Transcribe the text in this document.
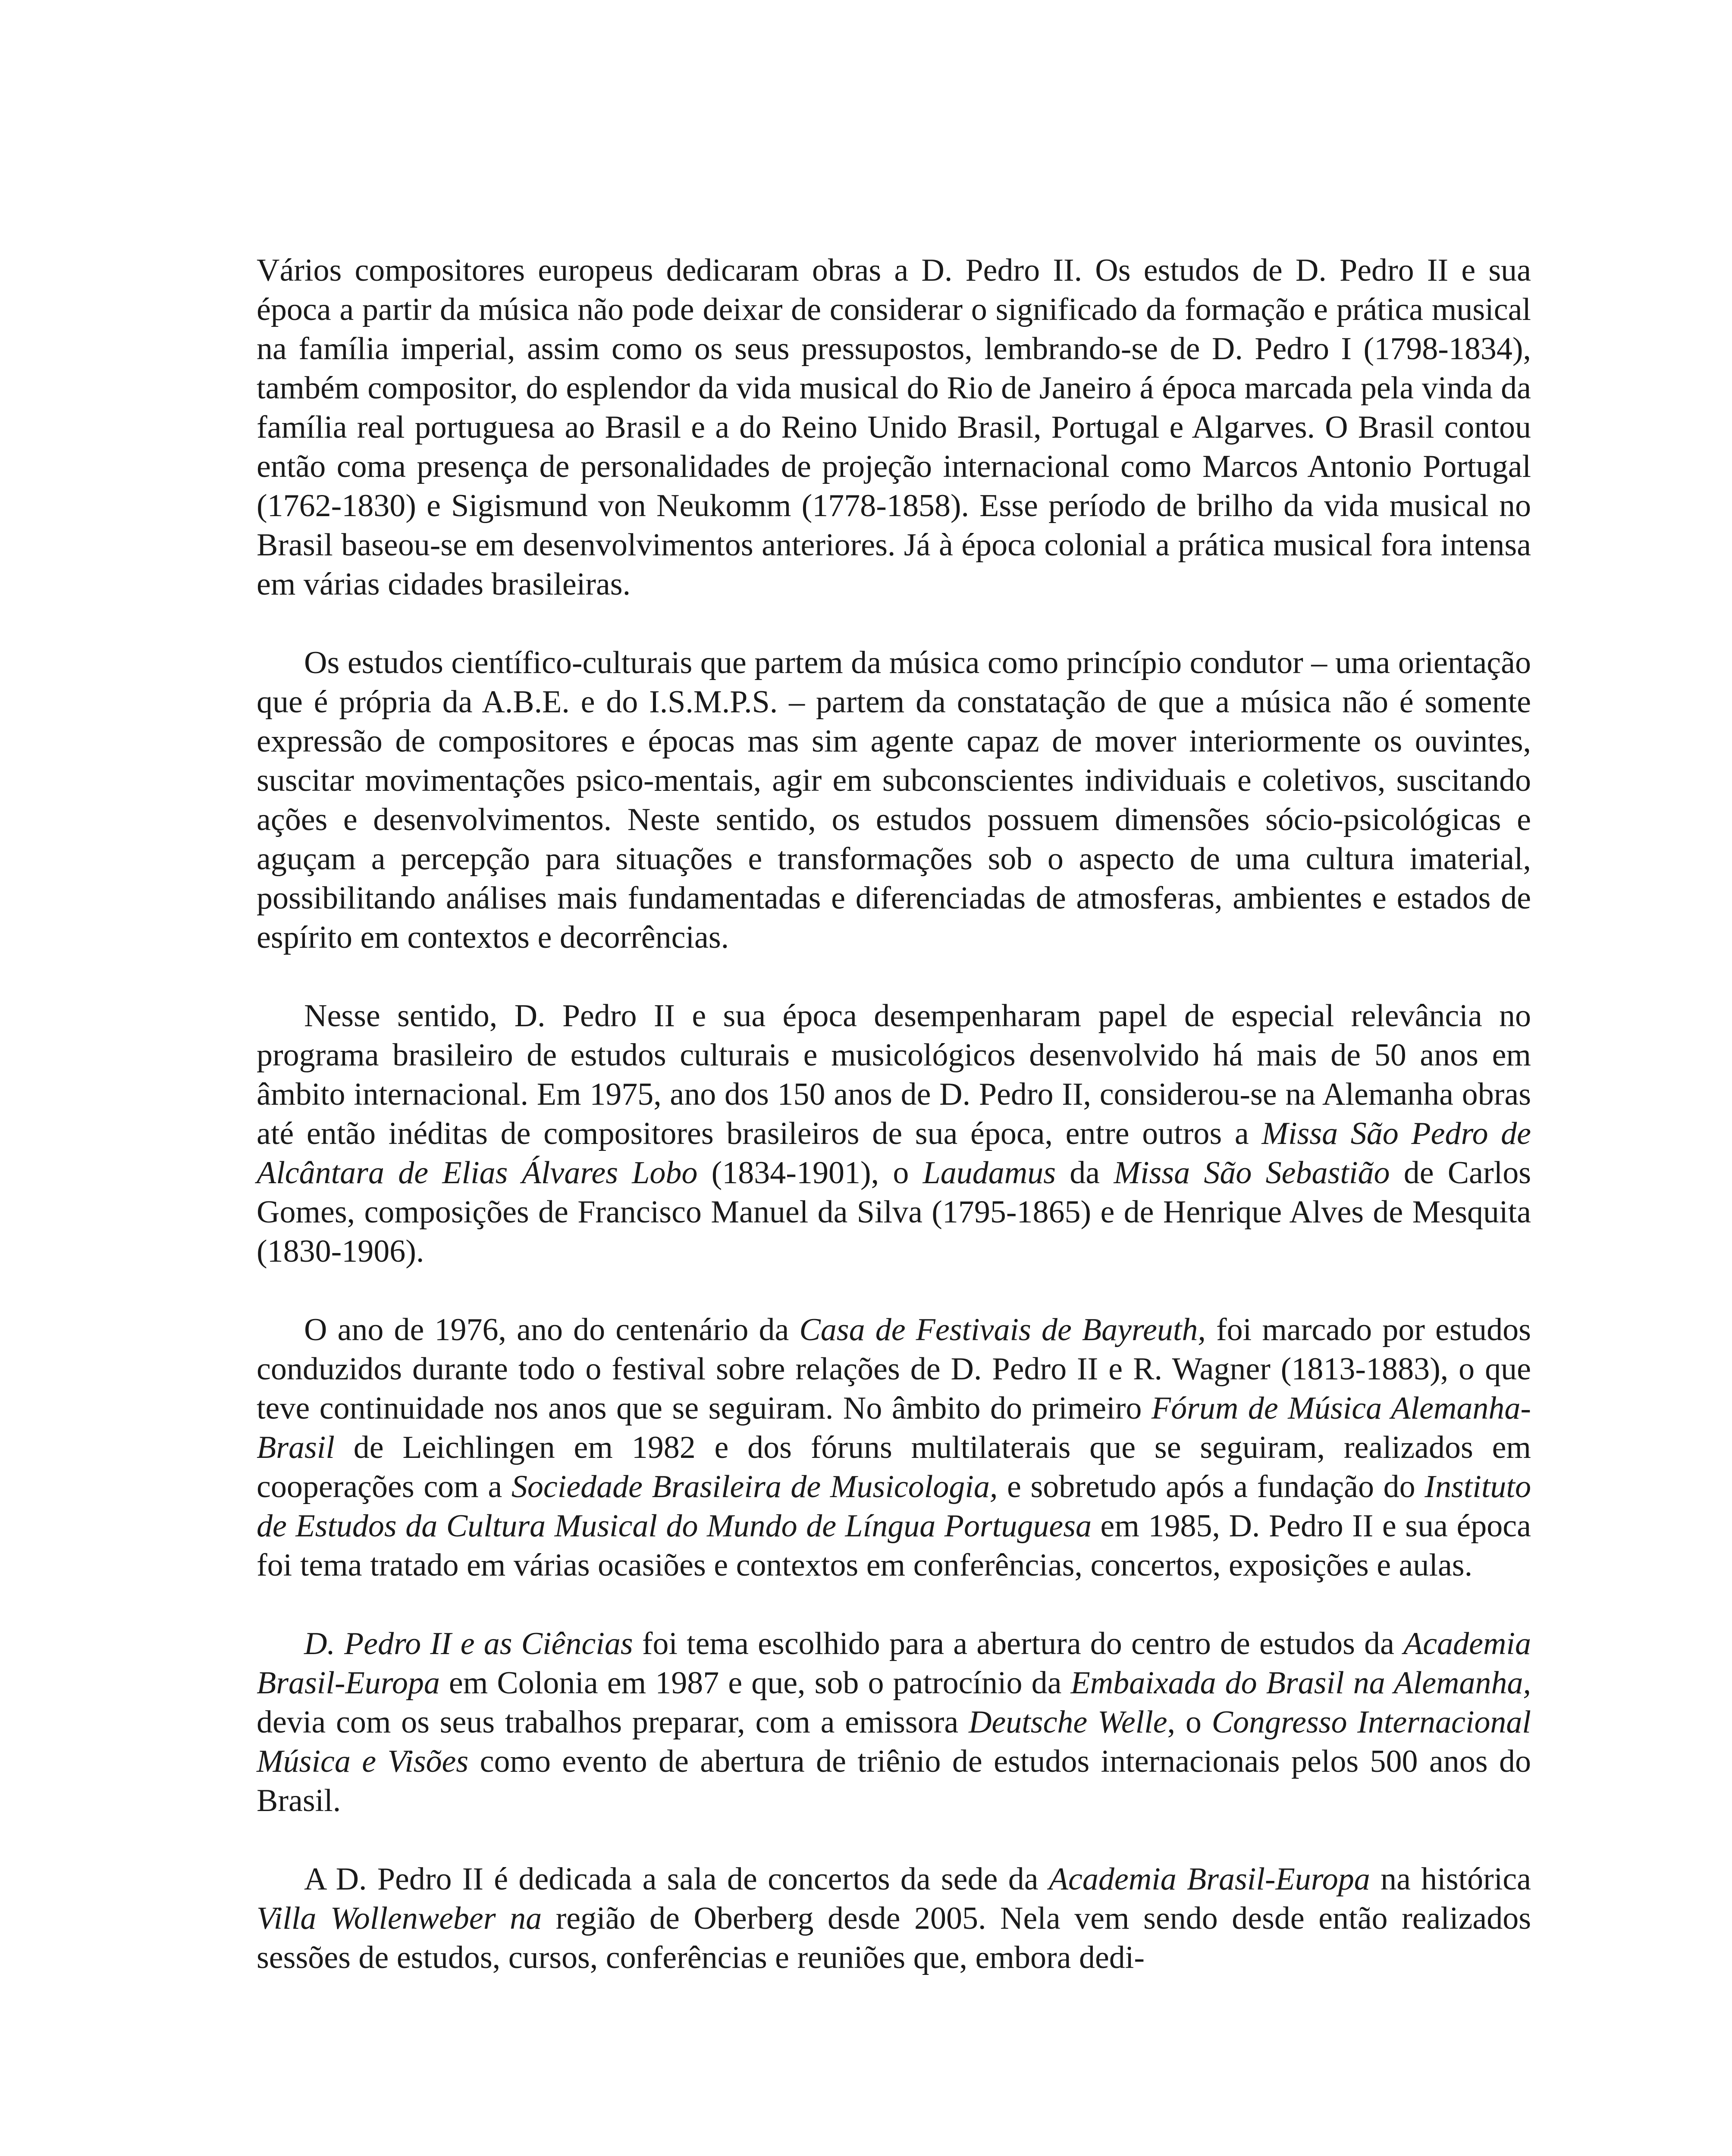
Vários compositores europeus dedicaram obras a D. Pedro II. Os estudos de D. Pedro II e sua época a partir da música não pode deixar de considerar o significado da formação e prática musical na família imperial, assim como os seus pressupostos, lembrando-se de D. Pedro I (1798-1834), também compositor, do esplendor da vida musical do Rio de Janeiro á época marcada pela vinda da família real portuguesa ao Brasil e a do Reino Unido Brasil, Portugal e Algarves. O Brasil contou então coma presença de personalidades de projeção internacional como Marcos Antonio Portugal (1762-1830) e Sigismund von Neukomm (1778-1858). Esse período de brilho da vida musical no Brasil baseou-se em desenvolvimentos anteriores. Já à época colonial a prática musical fora intensa em várias cidades brasileiras.

Os estudos científico-culturais que partem da música como princípio condutor – uma orientação que é própria da A.B.E. e do I.S.M.P.S. – partem da constatação de que a música não é somente expressão de compositores e épocas mas sim agente capaz de mover interiormente os ouvintes, suscitar movimentações psico-mentais, agir em subconscientes individuais e coletivos, suscitando ações e desenvolvimentos. Neste sentido, os estudos possuem dimensões sócio-psicológicas e aguçam a percepção para situações e transformações sob o aspecto de uma cultura imaterial, possibilitando análises mais fundamentadas e diferenciadas de atmosferas, ambientes e estados de espírito em contextos e decorrências.

Nesse sentido, D. Pedro II e sua época desempenharam papel de especial relevância no programa brasileiro de estudos culturais e musicológicos desenvolvido há mais de 50 anos em âmbito internacional. Em 1975, ano dos 150 anos de D. Pedro II, considerou-se na Alemanha obras até então inéditas de compositores brasileiros de sua época, entre outros a Missa São Pedro de Alcântara de Elias Álvares Lobo (1834-1901), o Laudamus da Missa São Sebastião de Carlos Gomes, composições de Francisco Manuel da Silva (1795-1865) e de Henrique Alves de Mesquita (1830-1906).

O ano de 1976, ano do centenário da Casa de Festivais de Bayreuth, foi marcado por estudos conduzidos durante todo o festival sobre relações de D. Pedro II e R. Wagner (1813-1883), o que teve continuidade nos anos que se seguiram. No âmbito do primeiro Fórum de Música Alemanha-Brasil de Leichlingen em 1982 e dos fóruns multilaterais que se seguiram, realizados em cooperações com a Sociedade Brasileira de Musicologia, e sobretudo após a fundação do Instituto de Estudos da Cultura Musical do Mundo de Língua Portuguesa em 1985, D. Pedro II e sua época foi tema tratado em várias ocasiões e contextos em conferências, concertos, exposições e aulas.

D. Pedro II e as Ciências foi tema escolhido para a abertura do centro de estudos da Academia Brasil-Europa em Colonia em 1987 e que, sob o patrocínio da Embaixada do Brasil na Alemanha, devia com os seus trabalhos preparar, com a emissora Deutsche Welle, o Congresso Internacional Música e Visões como evento de abertura de triênio de estudos internacionais pelos 500 anos do Brasil.

A D. Pedro II é dedicada a sala de concertos da sede da Academia Brasil-Europa na histórica Villa Wollenweber na região de Oberberg desde 2005. Nela vem sendo desde então realizados sessões de estudos, cursos, conferências e reuniões que, embora dedi-
